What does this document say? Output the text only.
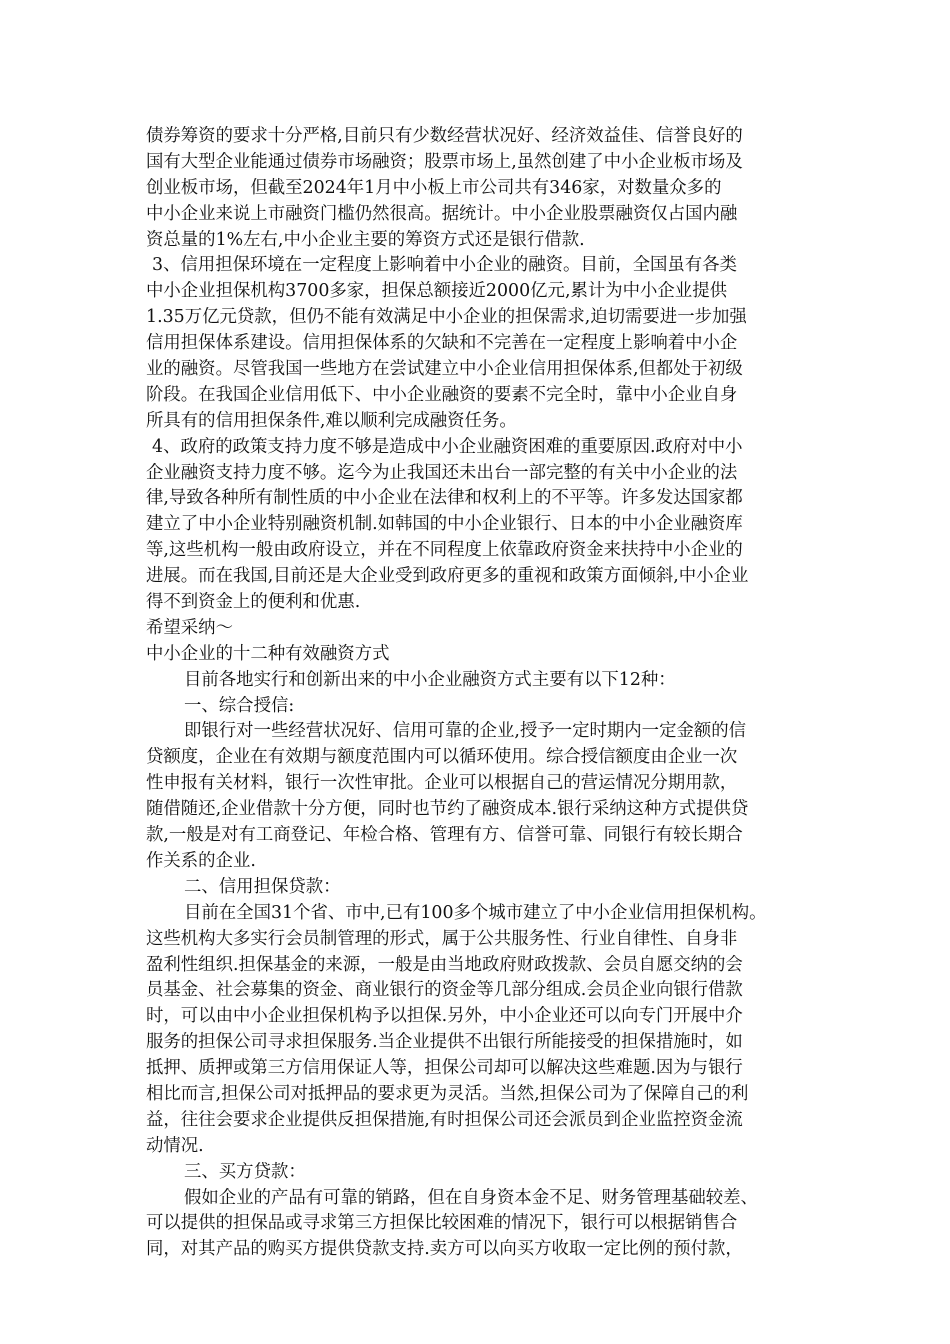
债券筹资的要求十分严格,目前只有少数经营状况好、经济效益佳、信誉良好的
国有大型企业能通过债券市场融资；股票市场上,虽然创建了中小企业板市场及
创业板市场，但截至2024年1月中小板上市公司共有346家，对数量众多的
中小企业来说上市融资门槛仍然很高。据统计。中小企业股票融资仅占国内融
资总量的1%左右,中小企业主要的筹资方式还是银行借款.
3、信用担保环境在一定程度上影响着中小企业的融资。目前，全国虽有各类
中小企业担保机构3700多家，担保总额接近2000亿元,累计为中小企业提供
1.35万亿元贷款，但仍不能有效满足中小企业的担保需求,迫切需要进一步加强
信用担保体系建设。信用担保体系的欠缺和不完善在一定程度上影响着中小企
业的融资。尽管我国一些地方在尝试建立中小企业信用担保体系,但都处于初级
阶段。在我国企业信用低下、中小企业融资的要素不完全时，靠中小企业自身
所具有的信用担保条件,难以顺利完成融资任务。
4、政府的政策支持力度不够是造成中小企业融资困难的重要原因.政府对中小
企业融资支持力度不够。迄今为止我国还未出台一部完整的有关中小企业的法
律,导致各种所有制性质的中小企业在法律和权利上的不平等。许多发达国家都
建立了中小企业特别融资机制.如韩国的中小企业银行、日本的中小企业融资库
等,这些机构一般由政府设立，并在不同程度上依靠政府资金来扶持中小企业的
进展。而在我国,目前还是大企业受到政府更多的重视和政策方面倾斜,中小企业
得不到资金上的便利和优惠.
希望采纳～
中小企业的十二种有效融资方式
目前各地实行和创新出来的中小企业融资方式主要有以下12种：
一、综合授信:
即银行对一些经营状况好、信用可靠的企业,授予一定时期内一定金额的信
贷额度，企业在有效期与额度范围内可以循环使用。综合授信额度由企业一次
性申报有关材料，银行一次性审批。企业可以根据自己的营运情况分期用款，
随借随还,企业借款十分方便，同时也节约了融资成本.银行采纳这种方式提供贷
款,一般是对有工商登记、年检合格、管理有方、信誉可靠、同银行有较长期合
作关系的企业.
二、信用担保贷款：
目前在全国31个省、市中,已有100多个城市建立了中小企业信用担保机构。
这些机构大多实行会员制管理的形式，属于公共服务性、行业自律性、自身非
盈利性组织.担保基金的来源，一般是由当地政府财政拨款、会员自愿交纳的会
员基金、社会募集的资金、商业银行的资金等几部分组成.会员企业向银行借款
时，可以由中小企业担保机构予以担保.另外，中小企业还可以向专门开展中介
服务的担保公司寻求担保服务.当企业提供不出银行所能接受的担保措施时，如
抵押、质押或第三方信用保证人等，担保公司却可以解决这些难题.因为与银行
相比而言,担保公司对抵押品的要求更为灵活。当然,担保公司为了保障自己的利
益，往往会要求企业提供反担保措施,有时担保公司还会派员到企业监控资金流
动情况.
三、买方贷款：
假如企业的产品有可靠的销路，但在自身资本金不足、财务管理基础较差、
可以提供的担保品或寻求第三方担保比较困难的情况下，银行可以根据销售合
同，对其产品的购买方提供贷款支持.卖方可以向买方收取一定比例的预付款，
